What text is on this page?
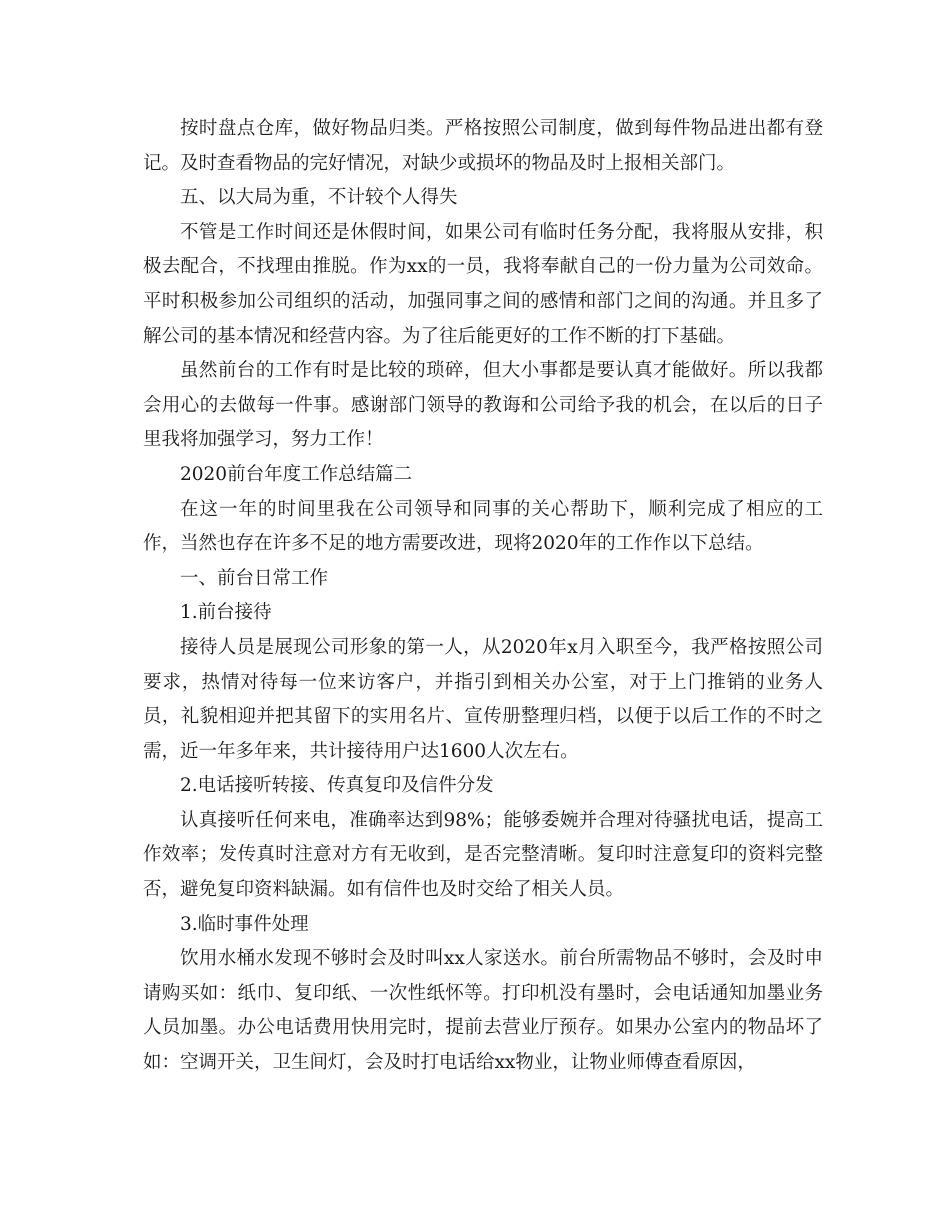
按时盘点仓库，做好物品归类。严格按照公司制度，做到每件物品进出都有登记。及时查看物品的完好情况，对缺少或损坏的物品及时上报相关部门。

五、以大局为重，不计较个人得失

不管是工作时间还是休假时间，如果公司有临时任务分配，我将服从安排，积极去配合，不找理由推脱。作为xx的一员，我将奉献自己的一份力量为公司效命。平时积极参加公司组织的活动，加强同事之间的感情和部门之间的沟通。并且多了解公司的基本情况和经营内容。为了往后能更好的工作不断的打下基础。

虽然前台的工作有时是比较的琐碎，但大小事都是要认真才能做好。所以我都会用心的去做每一件事。感谢部门领导的教诲和公司给予我的机会，在以后的日子里我将加强学习，努力工作！

2020前台年度工作总结篇二

在这一年的时间里我在公司领导和同事的关心帮助下，顺利完成了相应的工作，当然也存在许多不足的地方需要改进，现将2020年的工作作以下总结。

一、前台日常工作

1.前台接待

接待人员是展现公司形象的第一人，从2020年x月入职至今，我严格按照公司要求，热情对待每一位来访客户，并指引到相关办公室，对于上门推销的业务人员，礼貌相迎并把其留下的实用名片、宣传册整理归档，以便于以后工作的不时之需，近一年多年来，共计接待用户达1600人次左右。

2.电话接听转接、传真复印及信件分发

认真接听任何来电，准确率达到98%；能够委婉并合理对待骚扰电话，提高工作效率；发传真时注意对方有无收到，是否完整清晰。复印时注意复印的资料完整否，避免复印资料缺漏。如有信件也及时交给了相关人员。

3.临时事件处理

饮用水桶水发现不够时会及时叫xx人家送水。前台所需物品不够时，会及时申请购买如：纸巾、复印纸、一次性纸怀等。打印机没有墨时，会电话通知加墨业务人员加墨。办公电话费用快用完时，提前去营业厅预存。如果办公室内的物品坏了如：空调开关，卫生间灯，会及时打电话给xx物业，让物业师傅查看原因，
